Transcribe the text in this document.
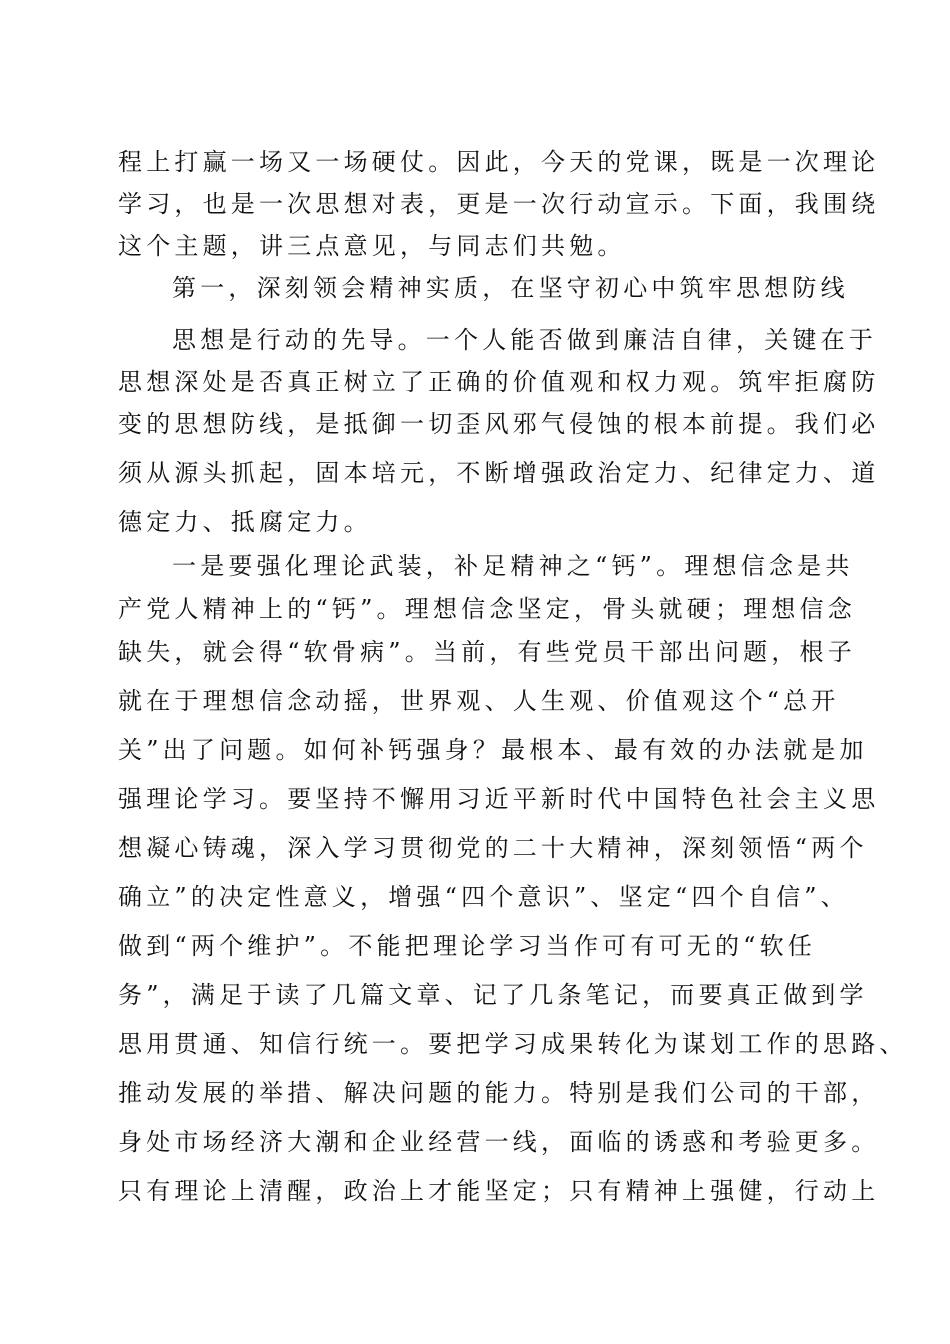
程上打赢一场又一场硬仗。因此，今天的党课，既是一次理论
学习，也是一次思想对表，更是一次行动宣示。下面，我围绕
这个主题，讲三点意见，与同志们共勉。
第一，深刻领会精神实质，在坚守初心中筑牢思想防线
思想是行动的先导。一个人能否做到廉洁自律，关键在于
思想深处是否真正树立了正确的价值观和权力观。筑牢拒腐防
变的思想防线，是抵御一切歪风邪气侵蚀的根本前提。我们必
须从源头抓起，固本培元，不断增强政治定力、纪律定力、道
德定力、抵腐定力。
一是要强化理论武装，补足精神之“钙”。理想信念是共
产党人精神上的“钙”。理想信念坚定，骨头就硬；理想信念
缺失，就会得“软骨病”。当前，有些党员干部出问题，根子
就在于理想信念动摇，世界观、人生观、价值观这个“总开
关”出了问题。如何补钙强身？最根本、最有效的办法就是加
强理论学习。要坚持不懈用习近平新时代中国特色社会主义思
想凝心铸魂，深入学习贯彻党的二十大精神，深刻领悟“两个
确立”的决定性意义，增强“四个意识”、坚定“四个自信”、
做到“两个维护”。不能把理论学习当作可有可无的“软任
务”，满足于读了几篇文章、记了几条笔记，而要真正做到学
思用贯通、知信行统一。要把学习成果转化为谋划工作的思路、
推动发展的举措、解决问题的能力。特别是我们公司的干部，
身处市场经济大潮和企业经营一线，面临的诱惑和考验更多。
只有理论上清醒，政治上才能坚定；只有精神上强健，行动上
